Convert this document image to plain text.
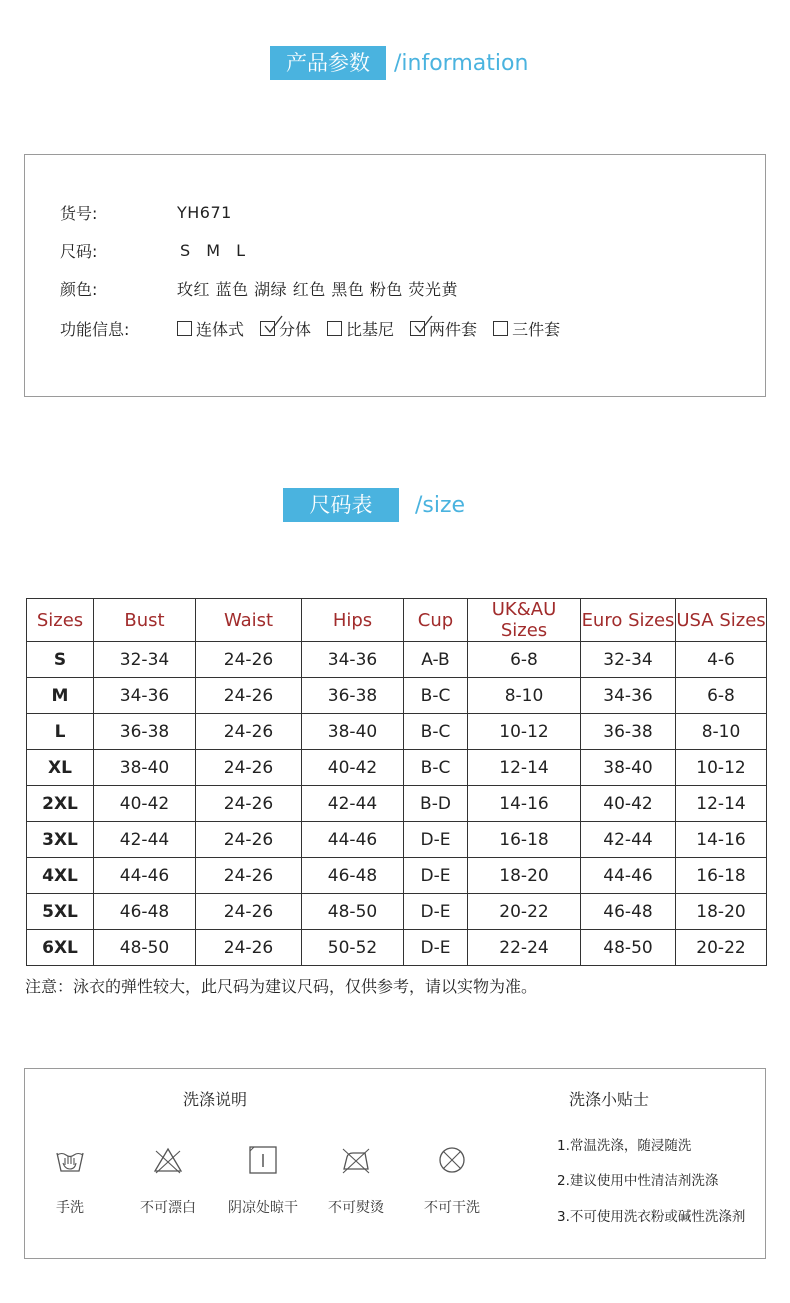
产品参数	/information
货号:	YH671
尺码:	S M L
颜色:	玫红 蓝色 湖绿 红色 黑色 粉色 荧光黄
功能信息:	连体式 分体 比基尼 两件套 三件套
尺码表	/size
Sizes	Bust	Waist	Hips	Cup	UK&AU Sizes	Euro Sizes	USA Sizes
S	32-34	24-26	34-36	A-B	6-8	32-34	4-6
M	34-36	24-26	36-38	B-C	8-10	34-36	6-8
L	36-38	24-26	38-40	B-C	10-12	36-38	8-10
XL	38-40	24-26	40-42	B-C	12-14	38-40	10-12
2XL	40-42	24-26	42-44	B-D	14-16	40-42	12-14
3XL	42-44	24-26	44-46	D-E	16-18	42-44	14-16
4XL	44-46	24-26	46-48	D-E	18-20	44-46	16-18
5XL	46-48	24-26	48-50	D-E	20-22	46-48	18-20
6XL	48-50	24-26	50-52	D-E	22-24	48-50	20-22
注意：泳衣的弹性较大，此尺码为建议尺码，仅供参考，请以实物为准。
洗涤说明	洗涤小贴士
手洗	不可漂白	阴凉处晾干	不可熨烫	不可干洗
1.常温洗涤，随浸随洗
2.建议使用中性清洁剂洗涤
3.不可使用洗衣粉或碱性洗涤剂
